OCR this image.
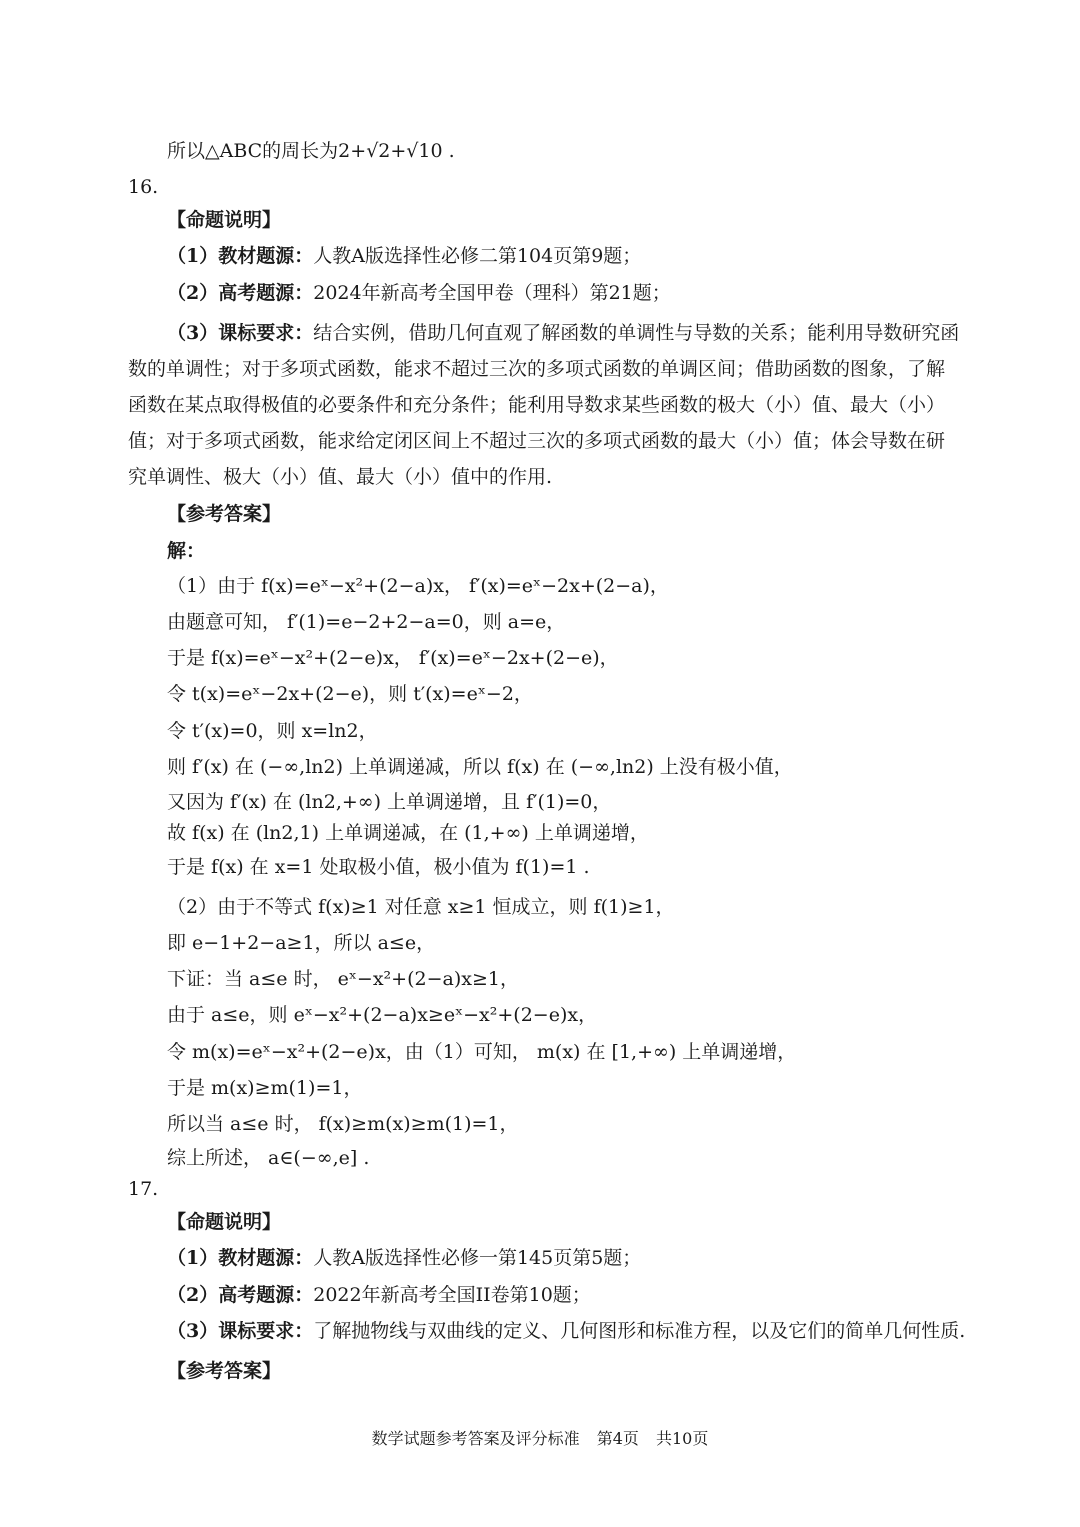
所以△ABC的周长为2+√2+√10 .
16.
【命题说明】
（1）教材题源：人教A版选择性必修二第104页第9题；
（2）高考题源：2024年新高考全国甲卷（理科）第21题；
（3）课标要求：结合实例，借助几何直观了解函数的单调性与导数的关系；能利用导数研究函
数的单调性；对于多项式函数，能求不超过三次的多项式函数的单调区间；借助函数的图象，了解
函数在某点取得极值的必要条件和充分条件；能利用导数求某些函数的极大（小）值、最大（小）
值；对于多项式函数，能求给定闭区间上不超过三次的多项式函数的最大（小）值；体会导数在研
究单调性、极大（小）值、最大（小）值中的作用.
【参考答案】
解：
（1）由于 f(x)=eˣ−x²+(2−a)x， f′(x)=eˣ−2x+(2−a)，
由题意可知， f′(1)=e−2+2−a=0，则 a=e，
于是 f(x)=eˣ−x²+(2−e)x， f′(x)=eˣ−2x+(2−e)，
令 t(x)=eˣ−2x+(2−e)，则 t′(x)=eˣ−2，
令 t′(x)=0，则 x=ln2，
则 f′(x) 在 (−∞,ln2) 上单调递减，所以 f(x) 在 (−∞,ln2) 上没有极小值，
又因为 f′(x) 在 (ln2,+∞) 上单调递增，且 f′(1)=0，
故 f(x) 在 (ln2,1) 上单调递减，在 (1,+∞) 上单调递增，
于是 f(x) 在 x=1 处取极小值，极小值为 f(1)=1 .
（2）由于不等式 f(x)≥1 对任意 x≥1 恒成立，则 f(1)≥1，
即 e−1+2−a≥1，所以 a≤e，
下证：当 a≤e 时， eˣ−x²+(2−a)x≥1，
由于 a≤e，则 eˣ−x²+(2−a)x≥eˣ−x²+(2−e)x，
令 m(x)=eˣ−x²+(2−e)x，由（1）可知， m(x) 在 [1,+∞) 上单调递增，
于是 m(x)≥m(1)=1，
所以当 a≤e 时， f(x)≥m(x)≥m(1)=1，
综上所述， a∈(−∞,e] .
17.
【命题说明】
（1）教材题源：人教A版选择性必修一第145页第5题；
（2）高考题源：2022年新高考全国II卷第10题；
（3）课标要求：了解抛物线与双曲线的定义、几何图形和标准方程，以及它们的简单几何性质.
【参考答案】
数学试题参考答案及评分标准 第4页 共10页
